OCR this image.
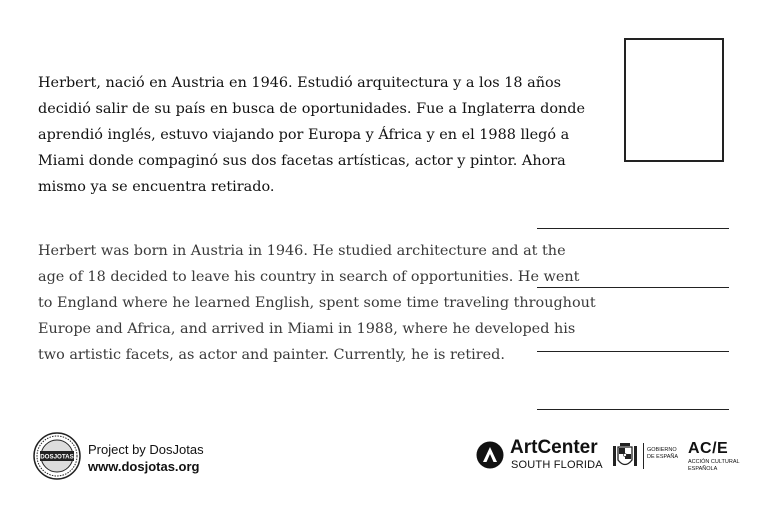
Herbert, nació en Austria en 1946. Estudió arquitectura y a los 18 años
decidió salir de su país en busca de oportunidades. Fue a Inglaterra donde
aprendió inglés, estuvo viajando por Europa y África y en el 1988 llegó a
Miami donde compaginó sus dos facetas artísticas, actor y pintor. Ahora
mismo ya se encuentra retirado.
Herbert was born in Austria in 1946. He studied architecture and at the
age of 18 decided to leave his country in search of opportunities. He went
to England where he learned English, spent some time traveling throughout
Europe and Africa, and arrived in Miami in 1988, where he developed his
two artistic facets, as actor and painter. Currently, he is retired.
DOSJOTAS Project by DosJotas
www.dosjotas.org
ArtCenter
SOUTH FLORIDA
GOBIERNO
DE ESPAÑA AC/E
ACCIÓN CULTURAL
ESPAÑOLA
